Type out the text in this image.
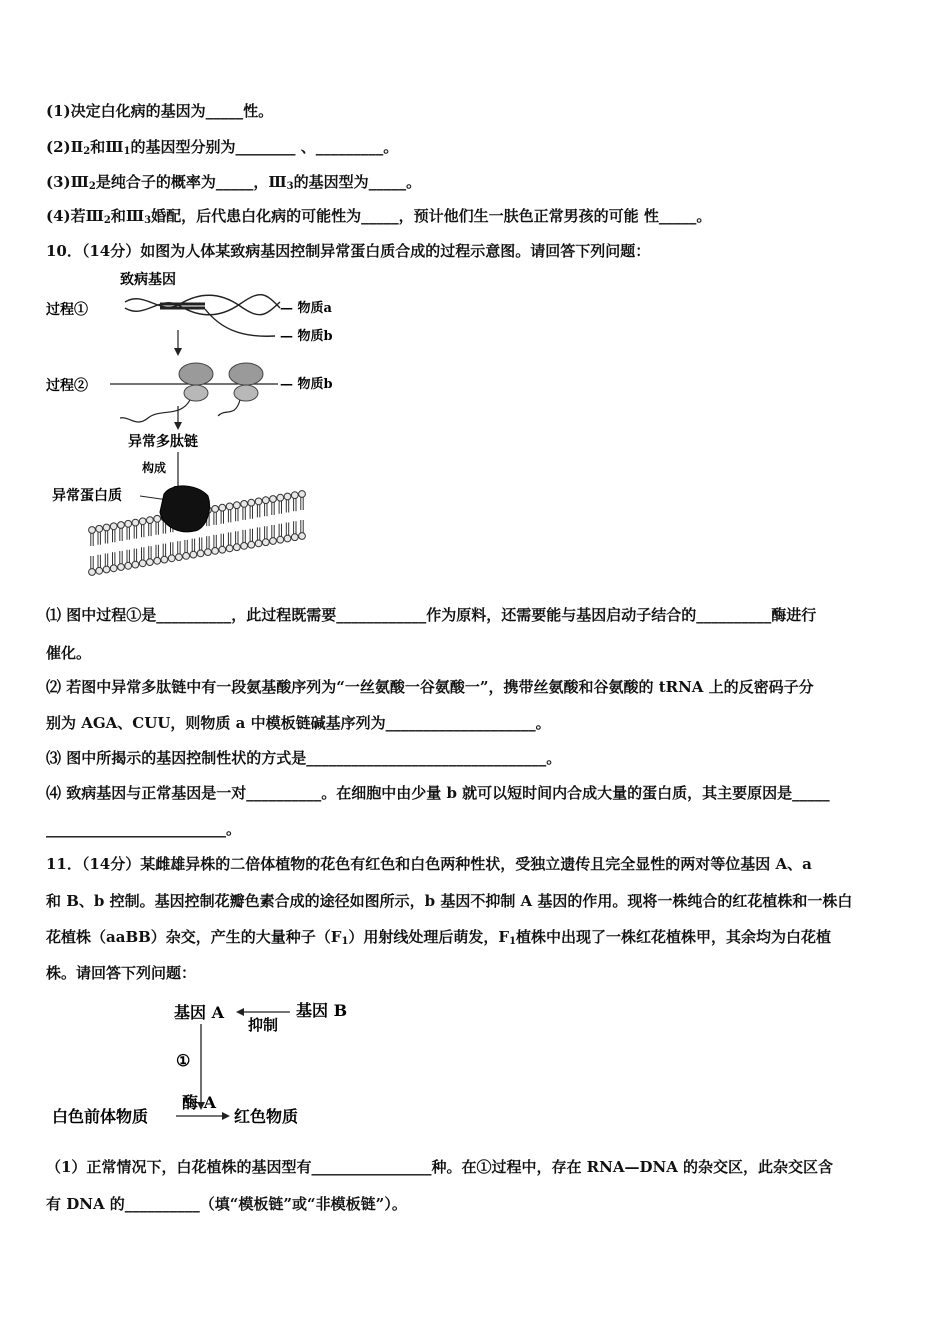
(1)决定白化病的基因为_____性。
$(2)Ⅱ_2$和$Ⅲ_1$的基因型分别为________ 、_________。
$(3)Ⅲ_2$是纯合子的概率为_____，$Ⅲ_3$的基因型为_____。
(4)若$Ⅲ_2$和$Ⅲ_3$婚配，后代患白化病的可能性为_____，预计他们生一肤色正常男孩的可能 性_____。
10．（14分）如图为人体某致病基因控制异常蛋白质合成的过程示意图。请回答下列问题：
致病基因
过程①	— 物质a
— 物质b
过程②	— 物质b
异常多肽链
构成
异常蛋白质
⑴ 图中过程①是__________，此过程既需要____________作为原料，还需要能与基因启动子结合的__________酶进行
催化。
⑵ 若图中异常多肽链中有一段氨基酸序列为“一丝氨酸一谷氨酸一”，携带丝氨酸和谷氨酸的 tRNA 上的反密码子分
别为 AGA、CUU，则物质 a 中模板链碱基序列为____________________。
⑶ 图中所揭示的基因控制性状的方式是________________________________。
⑷ 致病基因与正常基因是一对__________。在细胞中由少量 b 就可以短时间内合成大量的蛋白质，其主要原因是_____
________________________。
11．（14分）某雌雄异株的二倍体植物的花色有红色和白色两种性状，受独立遗传且完全显性的两对等位基因 A、a
和 B、b 控制。基因控制花瓣色素合成的途径如图所示，b 基因不抑制 A 基因的作用。现将一株纯合的红花植株和一株白
花植株（aaBB）杂交，产生的大量种子$(F_1)$用射线处理后萌发，$F_1$植株中出现了一株红花植株甲，其余均为白花植
株。请回答下列问题：
基因 A	基因 B
抑制
①
酶 A
白色前体物质	红色物质
（1）正常情况下，白花植株的基因型有________________种。在①过程中，存在 RNA—DNA 的杂交区，此杂交区含
有 DNA 的__________（填“模板链”或“非模板链”）。
